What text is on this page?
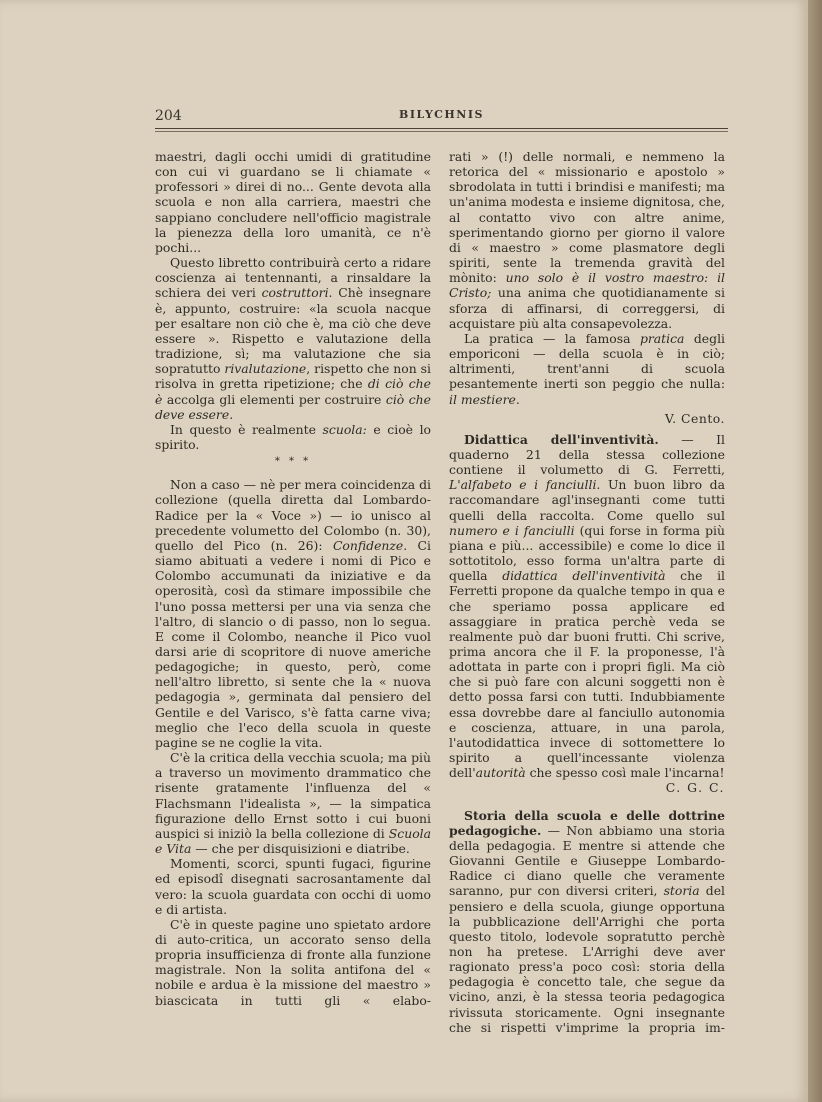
204	BILYCHNIS

maestri, dagli occhi umidi di gratitudine con cui vi guardano se li chiamate « professori » direi di no... Gente devota alla scuola e non alla carriera, maestri che sappiano concludere nell'officio magistrale la pienezza della loro umanità, ce n'è pochi...

Questo libretto contribuirà certo a ridare coscienza ai tentennanti, a rinsaldare la schiera dei veri costruttori. Chè insegnare è, appunto, costruire: «la scuola nacque per esaltare non ciò che è, ma ciò che deve essere ». Rispetto e valutazione della tradizione, sì; ma valutazione che sia sopratutto rivalutazione, rispetto che non si risolva in gretta ripetizione; che di ciò che è accolga gli elementi per costruire ciò che deve essere.

In questo è realmente scuola: e cioè lo spirito.

* * *

Non a caso — nè per mera coincidenza di collezione (quella diretta dal Lombardo-Radice per la « Voce ») — io unisco al precedente volumetto del Colombo (n. 30), quello del Pico (n. 26): Confidenze. Ci siamo abituati a vedere i nomi di Pico e Colombo accumunati da iniziative e da operosità, così da stimare impossibile che l'uno possa mettersi per una via senza che l'altro, di slancio o di passo, non lo segua. E come il Colombo, neanche il Pico vuol darsi arie di scopritore di nuove americhe pedagogiche; in questo, però, come nell'altro libretto, si sente che la « nuova pedagogia », germinata dal pensiero del Gentile e del Varisco, s'è fatta carne viva; meglio che l'eco della scuola in queste pagine se ne coglie la vita.

C'è la critica della vecchia scuola; ma più a traverso un movimento drammatico che risente gratamente l'influenza del « Flachsmann l'idealista », — la simpatica figurazione dello Ernst sotto i cui buoni auspici si iniziò la bella collezione di Scuola e Vita — che per disquisizioni e diatribe.

Momenti, scorci, spunti fugaci, figurine ed episodî disegnati sacrosantamente dal vero: la scuola guardata con occhi di uomo e di artista.

C'è in queste pagine uno spietato ardore di auto-critica, un accorato senso della propria insufficienza di fronte alla funzione magistrale. Non la solita antifona del « nobile e ardua è la missione del maestro » biascicata in tutti gli « elabo-

rati » (!) delle normali, e nemmeno la retorica del « missionario e apostolo » sbrodolata in tutti i brindisi e manifesti; ma un'anima modesta e insieme dignitosa, che, al contatto vivo con altre anime, sperimentando giorno per giorno il valore di « maestro » come plasmatore degli spiriti, sente la tremenda gravità del mònito: uno solo è il vostro maestro: il Cristo; una anima che quotidianamente si sforza di affinarsi, di correggersi, di acquistare più alta consapevolezza.

La pratica — la famosa pratica degli emporiconi — della scuola è in ciò; altrimenti, trent'anni di scuola pesantemente inerti son peggio che nulla: il mestiere.

V. Cento.

Didattica dell'inventività. — Il quaderno 21 della stessa collezione contiene il volumetto di G. Ferretti, L'alfabeto e i fanciulli. Un buon libro da raccomandare agl'insegnanti come tutti quelli della raccolta. Come quello sul numero e i fanciulli (qui forse in forma più piana e più... accessibile) e come lo dice il sottotitolo, esso forma un'altra parte di quella didattica dell'inventività che il Ferretti propone da qualche tempo in qua e che speriamo possa applicare ed assaggiare in pratica perchè veda se realmente può dar buoni frutti. Chi scrive, prima ancora che il F. la proponesse, l'à adottata in parte con i propri figli. Ma ciò che si può fare con alcuni soggetti non è detto possa farsi con tutti. Indubbiamente essa dovrebbe dare al fanciullo autonomia e coscienza, attuare, in una parola, l'autodidattica invece di sottomettere lo spirito a quell'incessante violenza dell'autorità che spesso così male l'incarna!

C. G. C.

Storia della scuola e delle dottrine pedagogiche. — Non abbiamo una storia della pedagogia. E mentre si attende che Giovanni Gentile e Giuseppe Lombardo-Radice ci diano quelle che veramente saranno, pur con diversi criteri, storia del pensiero e della scuola, giunge opportuna la pubblicazione dell'Arrighi che porta questo titolo, lodevole sopratutto perchè non ha pretese. L'Arrighi deve aver ragionato press'a poco così: storia della pedagogia è concetto tale, che segue da vicino, anzi, è la stessa teoria pedagogica rivissuta storicamente. Ogni insegnante che si rispetti v'imprime la propria im-
